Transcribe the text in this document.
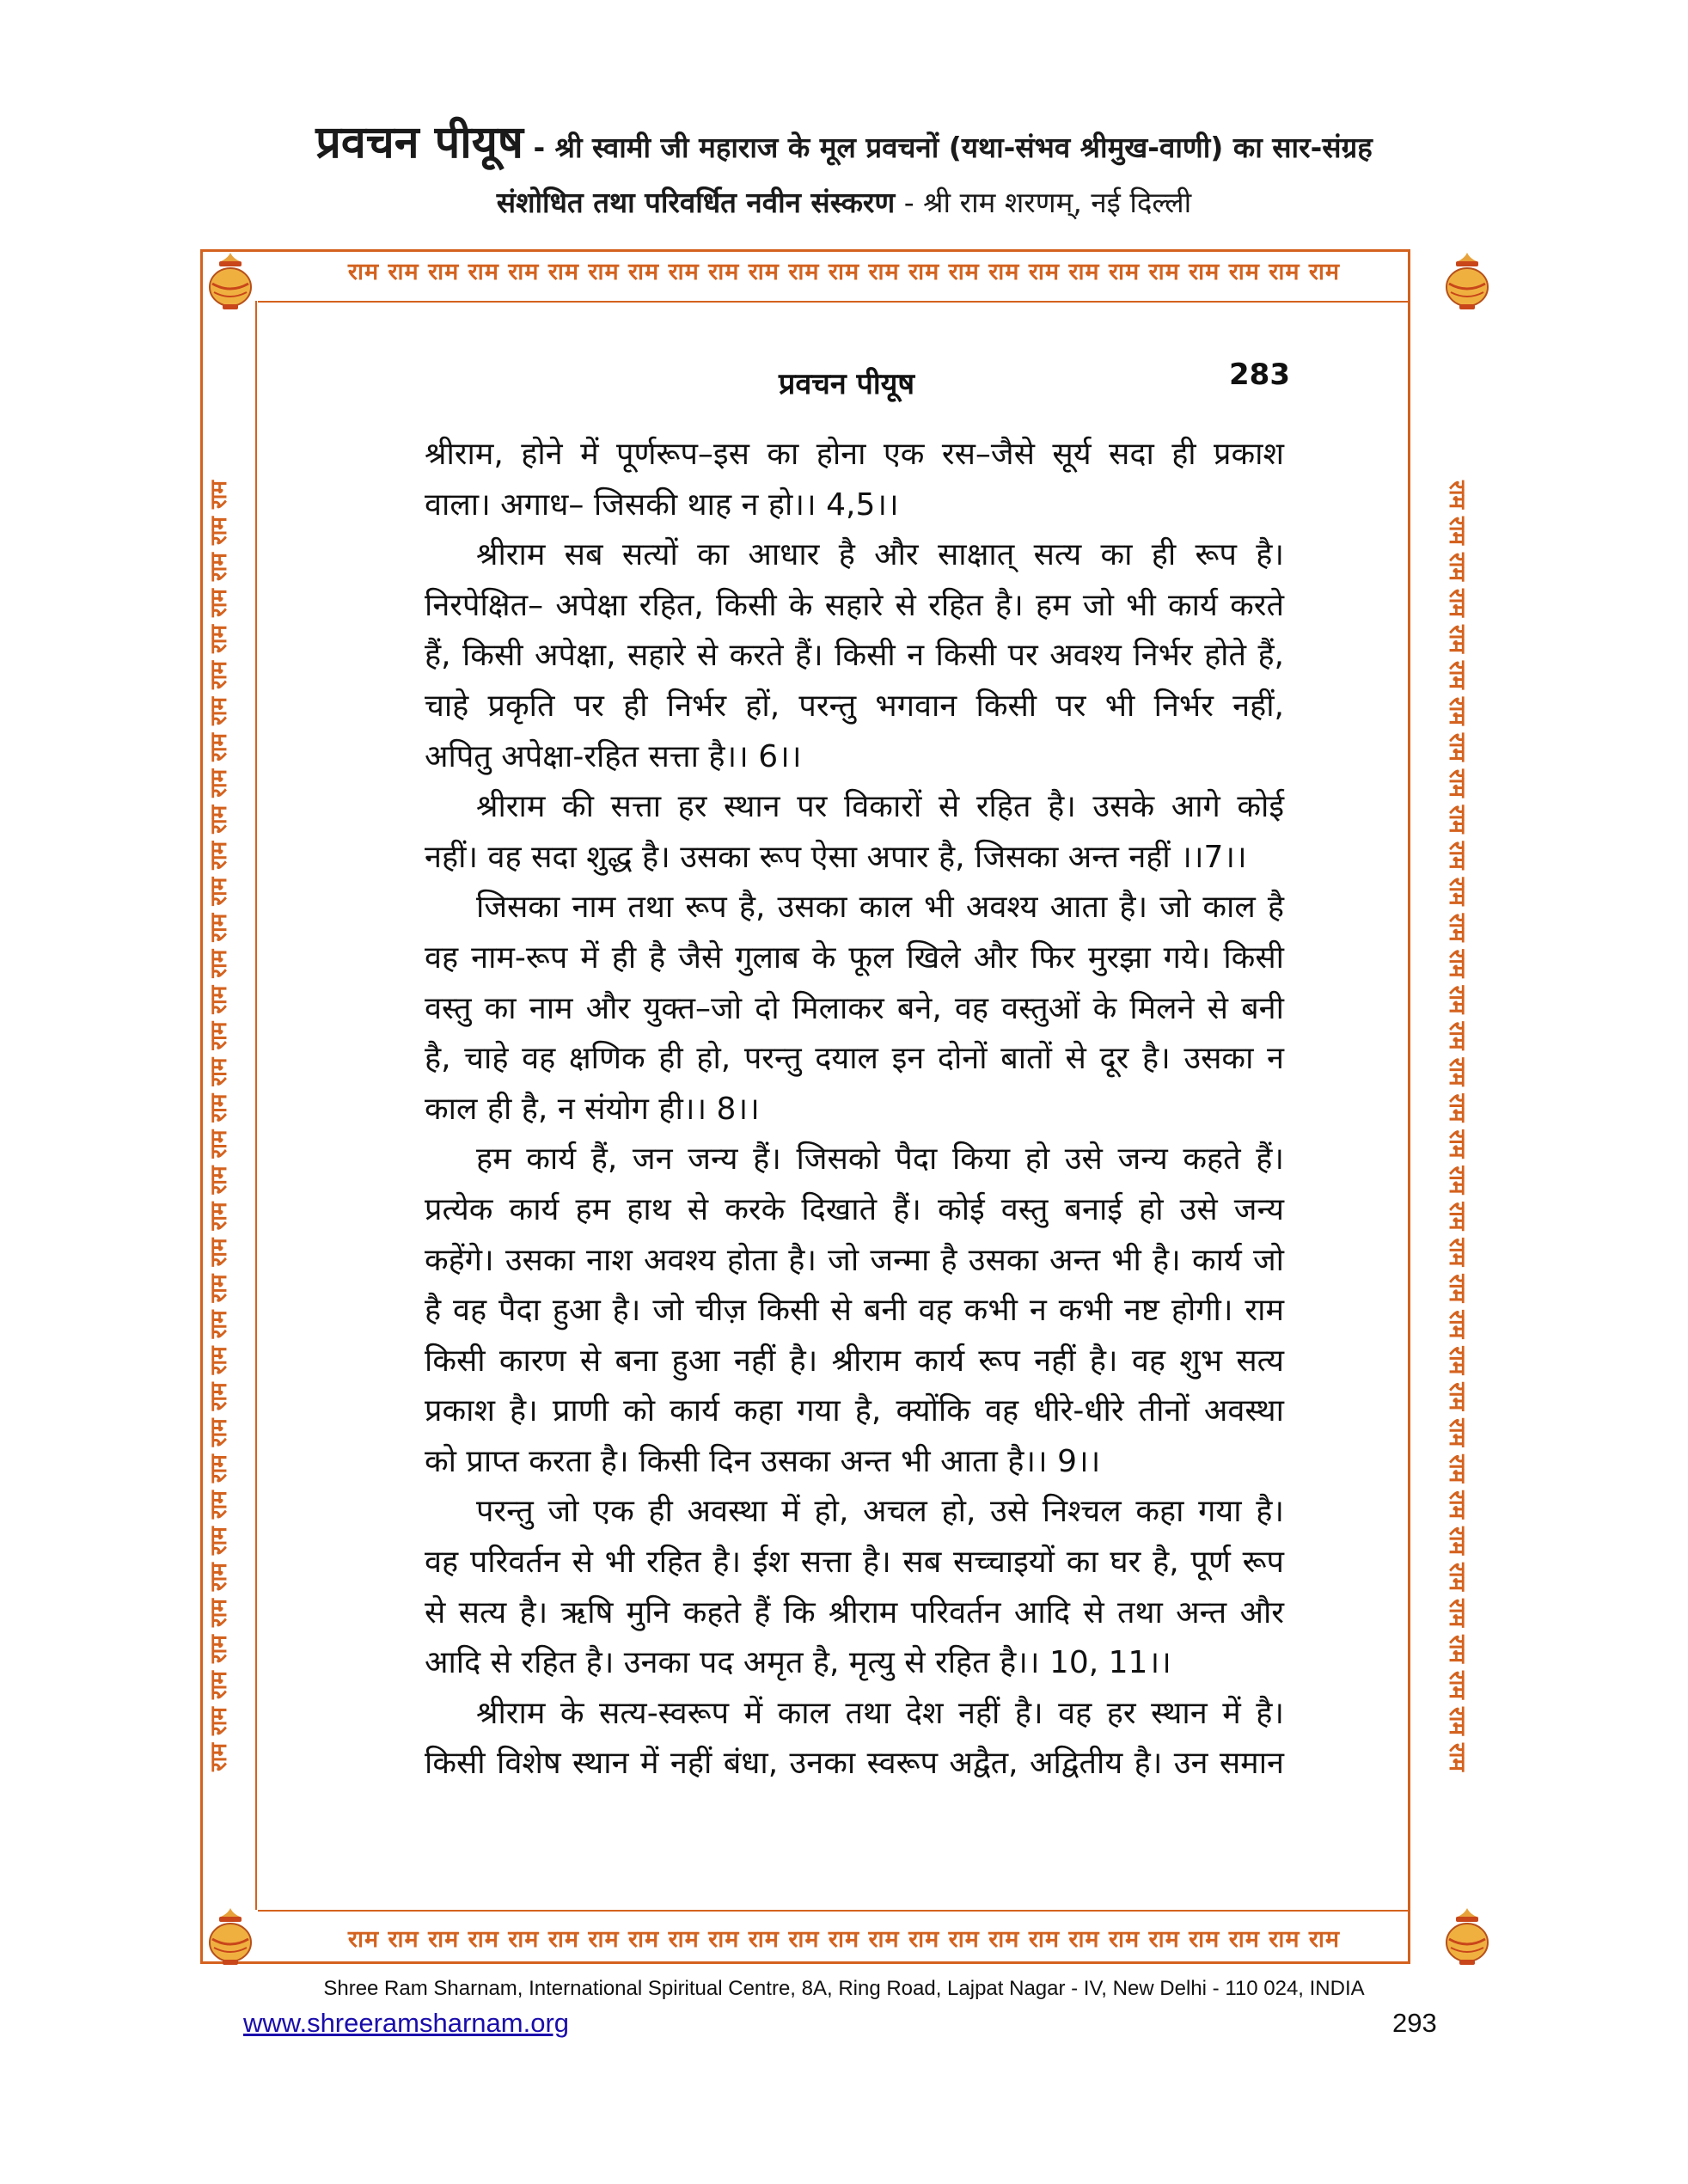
प्रवचन पीयूष - श्री स्वामी जी महाराज के मूल प्रवचनों (यथा-संभव श्रीमुख-वाणी) का सार-संग्रह
संशोधित तथा परिवर्धित नवीन संस्करण - श्री राम शरणम्, नई दिल्ली
राम राम राम राम राम राम राम राम राम राम राम राम राम राम राम राम राम राम राम राम राम राम राम राम राम
राम राम राम राम राम राम राम राम राम राम राम राम राम राम राम राम राम राम राम राम राम राम राम राम राम
राम राम राम राम राम राम राम राम राम राम राम राम राम राम राम राम राम राम राम राम राम राम राम राम राम राम राम राम राम राम राम राम राम राम राम राम	राम राम राम राम राम राम राम राम राम राम राम राम राम राम राम राम राम राम राम राम राम राम राम राम राम राम राम राम राम राम राम राम राम राम राम राम
प्रवचन पीयूष	283
श्रीराम, होने में पूर्णरूप–इस का होना एक रस–जैसे सूर्य सदा ही प्रकाश
वाला। अगाध– जिसकी थाह न हो।। 4,5।।
श्रीराम सब सत्यों का आधार है और साक्षात् सत्य का ही रूप है।
निरपेक्षित– अपेक्षा रहित, किसी के सहारे से रहित है। हम जो भी कार्य करते
हैं, किसी अपेक्षा, सहारे से करते हैं। किसी न किसी पर अवश्य निर्भर होते हैं,
चाहे प्रकृति पर ही निर्भर हों, परन्तु भगवान किसी पर भी निर्भर नहीं,
अपितु अपेक्षा-रहित सत्ता है।। 6।।
श्रीराम की सत्ता हर स्थान पर विकारों से रहित है। उसके आगे कोई
नहीं। वह सदा शुद्ध है। उसका रूप ऐसा अपार है, जिसका अन्त नहीं ।।7।।
जिसका नाम तथा रूप है, उसका काल भी अवश्य आता है। जो काल है
वह नाम-रूप में ही है जैसे गुलाब के फूल खिले और फिर मुरझा गये। किसी
वस्तु का नाम और युक्त–जो दो मिलाकर बने, वह वस्तुओं के मिलने से बनी
है, चाहे वह क्षणिक ही हो, परन्तु दयाल इन दोनों बातों से दूर है। उसका न
काल ही है, न संयोग ही।। 8।।
हम कार्य हैं, जन जन्य हैं। जिसको पैदा किया हो उसे जन्य कहते हैं।
प्रत्येक कार्य हम हाथ से करके दिखाते हैं। कोई वस्तु बनाई हो उसे जन्य
कहेंगे। उसका नाश अवश्य होता है। जो जन्मा है उसका अन्त भी है। कार्य जो
है वह पैदा हुआ है। जो चीज़ किसी से बनी वह कभी न कभी नष्ट होगी। राम
किसी कारण से बना हुआ नहीं है। श्रीराम कार्य रूप नहीं है। वह शुभ सत्य
प्रकाश है। प्राणी को कार्य कहा गया है, क्योंकि वह धीरे-धीरे तीनों अवस्था
को प्राप्त करता है। किसी दिन उसका अन्त भी आता है।। 9।।
परन्तु जो एक ही अवस्था में हो, अचल हो, उसे निश्चल कहा गया है।
वह परिवर्तन से भी रहित है। ईश सत्ता है। सब सच्चाइयों का घर है, पूर्ण रूप
से सत्य है। ऋषि मुनि कहते हैं कि श्रीराम परिवर्तन आदि से तथा अन्त और
आदि से रहित है। उनका पद अमृत है, मृत्यु से रहित है।। 10, 11।।
श्रीराम के सत्य-स्वरूप में काल तथा देश नहीं है। वह हर स्थान में है।
किसी विशेष स्थान में नहीं बंधा, उनका स्वरूप अद्वैत, अद्वितीय है। उन समान
Shree Ram Sharnam, International Spiritual Centre, 8A, Ring Road, Lajpat Nagar - IV, New Delhi - 110 024, INDIA
www.shreeramsharnam.org	293
